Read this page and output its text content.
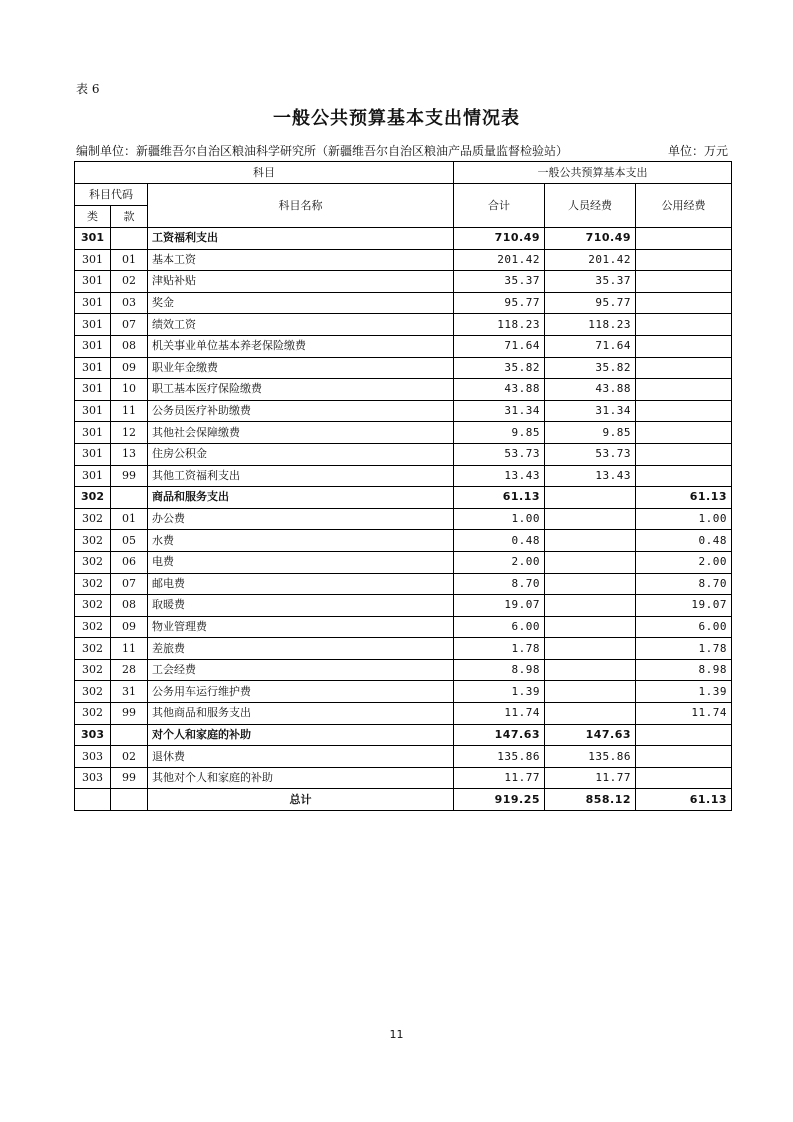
表 6
一般公共预算基本支出情况表
编制单位：新疆维吾尔自治区粮油科学研究所（新疆维吾尔自治区粮油产品质量监督检验站）	单位：万元
科目			一般公共预算基本支出		
科目代码		科目名称	合计	人员经费	公用经费
类	款				
301		工资福利支出	710.49	710.49	
301	01	基本工资	201.42	201.42	
301	02	津贴补贴	35.37	35.37	
301	03	奖金	95.77	95.77	
301	07	绩效工资	118.23	118.23	
301	08	机关事业单位基本养老保险缴费	71.64	71.64	
301	09	职业年金缴费	35.82	35.82	
301	10	职工基本医疗保险缴费	43.88	43.88	
301	11	公务员医疗补助缴费	31.34	31.34	
301	12	其他社会保障缴费	9.85	9.85	
301	13	住房公积金	53.73	53.73	
301	99	其他工资福利支出	13.43	13.43	
302		商品和服务支出	61.13		61.13
302	01	办公费	1.00		1.00
302	05	水费	0.48		0.48
302	06	电费	2.00		2.00
302	07	邮电费	8.70		8.70
302	08	取暖费	19.07		19.07
302	09	物业管理费	6.00		6.00
302	11	差旅费	1.78		1.78
302	28	工会经费	8.98		8.98
302	31	公务用车运行维护费	1.39		1.39
302	99	其他商品和服务支出	11.74		11.74
303		对个人和家庭的补助	147.63	147.63	
303	02	退休费	135.86	135.86	
303	99	其他对个人和家庭的补助	11.77	11.77	
		总计	919.25	858.12	61.13
11
